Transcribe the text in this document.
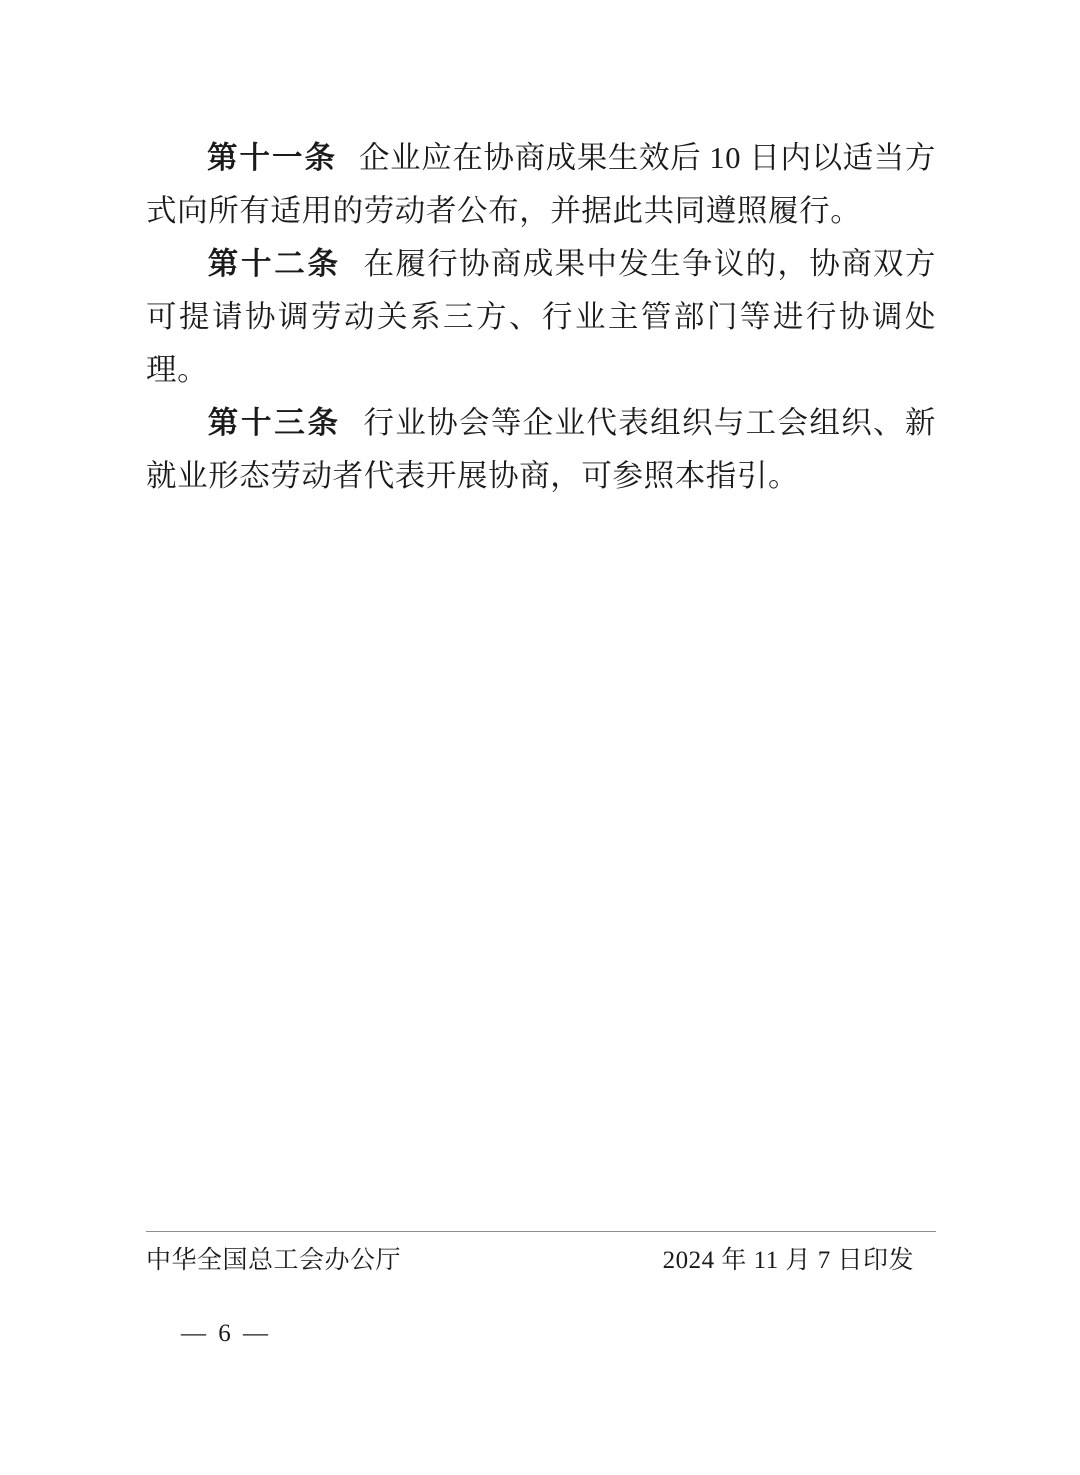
第十一条 企业应在协商成果生效后 10 日内以适当方式向所有适用的劳动者公布，并据此共同遵照履行。

第十二条 在履行协商成果中发生争议的，协商双方可提请协调劳动关系三方、行业主管部门等进行协调处理。

第十三条 行业协会等企业代表组织与工会组织、新就业形态劳动者代表开展协商，可参照本指引。

中华全国总工会办公厅	2024 年 11 月 7 日印发
— 6 —
